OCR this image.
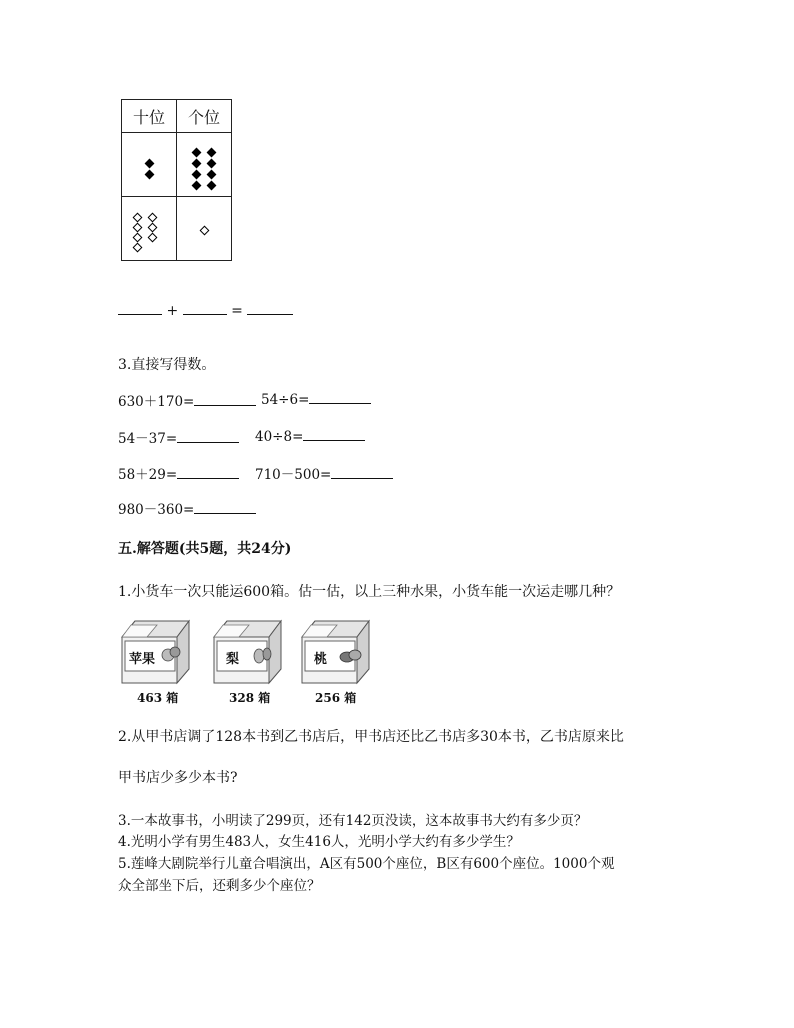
十位	个位

+	=
3.直接写得数。
630＋170=	54÷6=
54－37=	40÷8=
58＋29=	710－500=
980－360=
五.解答题(共5题，共24分)
1.小货车一次只能运600箱。估一估，以上三种水果，小货车能一次运走哪几种？
苹果
463 箱
梨
328 箱
桃
256 箱
2.从甲书店调了128本书到乙书店后，甲书店还比乙书店多30本书，乙书店原来比
甲书店少多少本书?
3.一本故事书，小明读了299页，还有142页没读，这本故事书大约有多少页？
4.光明小学有男生483人，女生416人，光明小学大约有多少学生？
5.莲峰大剧院举行儿童合唱演出，A区有500个座位，B区有600个座位。1000个观
众全部坐下后，还剩多少个座位？
